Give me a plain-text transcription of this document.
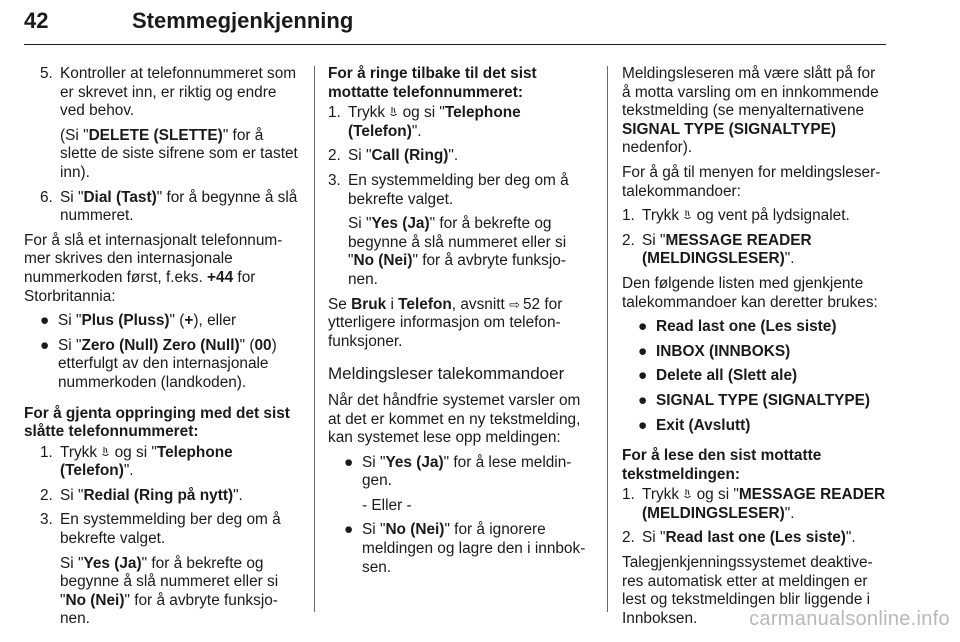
42	Stemmegjenkjenning
5. Kontroller at telefonnummeret som er skrevet inn, er riktig og endre ved behov.
(Si "DELETE (SLETTE)" for å slette de siste sifrene som er tastet inn).
6. Si "Dial (Tast)" for å begynne å slå nummeret.

For å slå et internasjonalt telefonnum-mer skrives den internasjonale nummerkoden først, f.eks. +44 for Storbritannia:

● Si "Plus (Pluss)" (+), eller
● Si "Zero (Null) Zero (Null)" (00) etterfulgt av den internasjonale nummerkoden (landkoden).
For å gjenta oppringing med det sist slåtte telefonnummeret:
1. Trykk
og si "Telephone (Telefon)".
2. Si "Redial (Ring på nytt)".
3. En systemmelding ber deg om å bekrefte valget.
Si "Yes (Ja)" for å bekrefte og begynne å slå nummeret eller si "No (Nei)" for å avbryte funksjo-nen.
For å ringe tilbake til det sist mottatte telefonnummeret:
1. Trykk
og si "Telephone (Telefon)".
2. Si "Call (Ring)".
3. En systemmelding ber deg om å bekrefte valget.
Si "Yes (Ja)" for å bekrefte og begynne å slå nummeret eller si "No (Nei)" for å avbryte funksjo-nen.

Se Bruk i Telefon, avsnitt ⇨ 52 for ytterligere informasjon om telefon-funksjoner.

Meldingsleser talekommandoer

Når det håndfrie systemet varsler om at det er kommet en ny tekstmelding, kan systemet lese opp meldingen:

● Si "Yes (Ja)" for å lese meldin-gen.
- Eller -
● Si "No (Nei)" for å ignorere meldingen og lagre den i innbok-sen.

Meldingsleseren må være slått på for å motta varsling om en innkommende tekstmelding (se menyalternativene SIGNAL TYPE (SIGNALTYPE) nedenfor).

For å gå til menyen for meldingsleser-talekommandoer:

1. Trykk
og vent på lydsignalet.
2. Si "MESSAGE READER (MELDINGSLESER)".

Den følgende listen med gjenkjente talekommandoer kan deretter brukes:

● Read last one (Les siste)
● INBOX (INNBOKS)
● Delete all (Slett ale)
● SIGNAL TYPE (SIGNALTYPE)
● Exit (Avslutt)
For å lese den sist mottatte tekstmeldingen:
1. Trykk
og si "MESSAGE READER (MELDINGSLESER)".
2. Si "Read last one (Les siste)".

Talegjenkjenningssystemet deaktive-res automatisk etter at meldingen er lest og tekstmeldingen blir liggende i Innboksen.	carmanualsonline.info
